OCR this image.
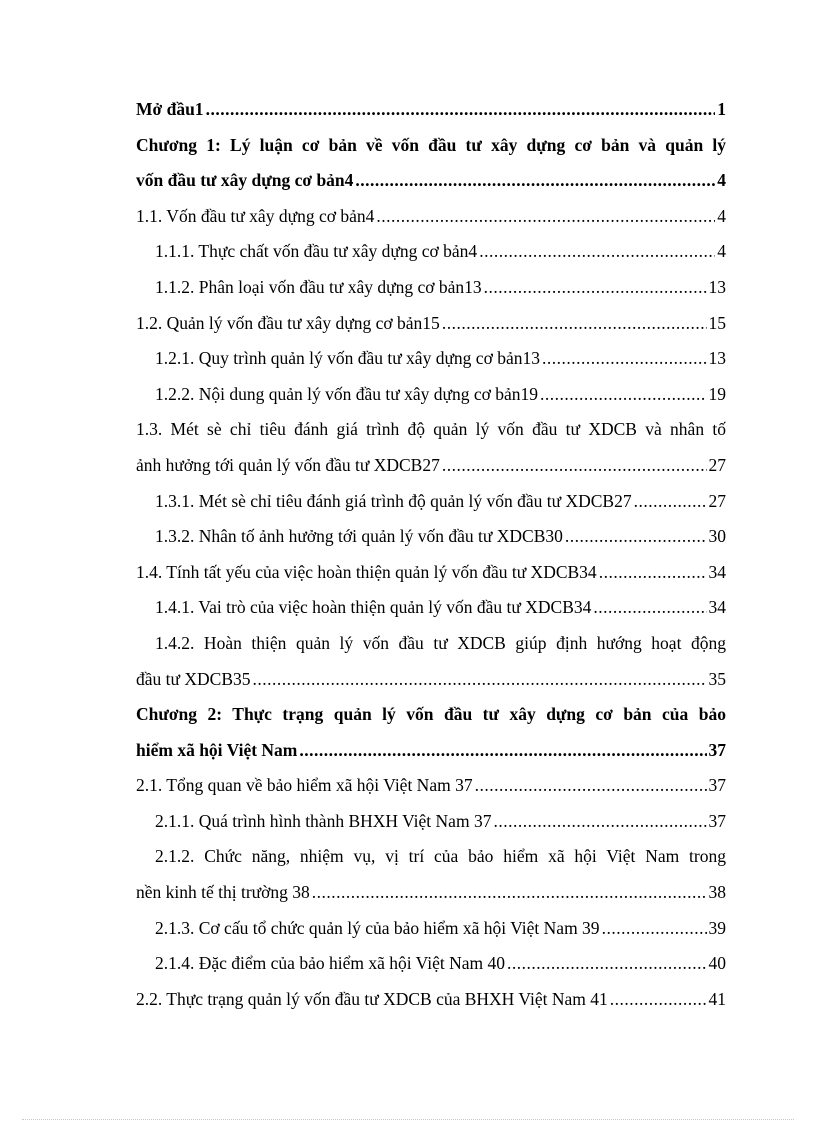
Mở đầu1 .....	1
Chương 1: Lý luận cơ bản về vốn đầu tư xây dựng cơ bản và quản lý
vốn đầu tư xây dựng cơ bản4 .....	4
1.1. Vốn đầu tư xây dựng cơ bản4 .....	4
1.1.1. Thực chất vốn đầu tư xây dựng cơ bản4 .....	4
1.1.2. Phân loại vốn đầu tư xây dựng cơ bản13 .....	13
1.2. Quản lý vốn đầu tư xây dựng cơ bản15 .....	15
1.2.1. Quy trình quản lý vốn đầu tư xây dựng cơ bản13 .....	13
1.2.2. Nội dung quản lý vốn đầu tư xây dựng cơ bản19 .....	19
1.3. Mét sè chỉ tiêu đánh giá trình độ quản lý vốn đầu tư XDCB và nhân tố
ảnh hưởng tới quản lý vốn đầu tư XDCB27 .....	27
1.3.1. Mét sè chỉ tiêu đánh giá trình độ quản lý vốn đầu tư XDCB27 .....	27
1.3.2. Nhân tố ảnh hưởng tới quản lý vốn đầu tư XDCB30 .....	30
1.4. Tính tất yếu của việc hoàn thiện quản lý vốn đầu tư XDCB34 .....	34
1.4.1. Vai trò của việc hoàn thiện quản lý vốn đầu tư XDCB34 .....	34
1.4.2. Hoàn thiện quản lý vốn đầu tư XDCB giúp định hướng hoạt động
đầu tư XDCB35 .....	35
Chương 2: Thực trạng quản lý vốn đầu tư xây dựng cơ bản của bảo
hiểm xã hội Việt Nam .....	37
2.1. Tổng quan về bảo hiểm xã hội Việt Nam 37 .....	37
2.1.1. Quá trình hình thành BHXH Việt Nam 37 .....	37
2.1.2. Chức năng, nhiệm vụ, vị trí của bảo hiểm xã hội Việt Nam trong
nền kinh tế thị trường 38 .....	38
2.1.3. Cơ cấu tổ chức quản lý của bảo hiểm xã hội Việt Nam 39 .....	39
2.1.4. Đặc điểm của bảo hiểm xã hội Việt Nam 40 .....	40
2.2. Thực trạng quản lý vốn đầu tư XDCB của BHXH Việt Nam 41 .....	41
